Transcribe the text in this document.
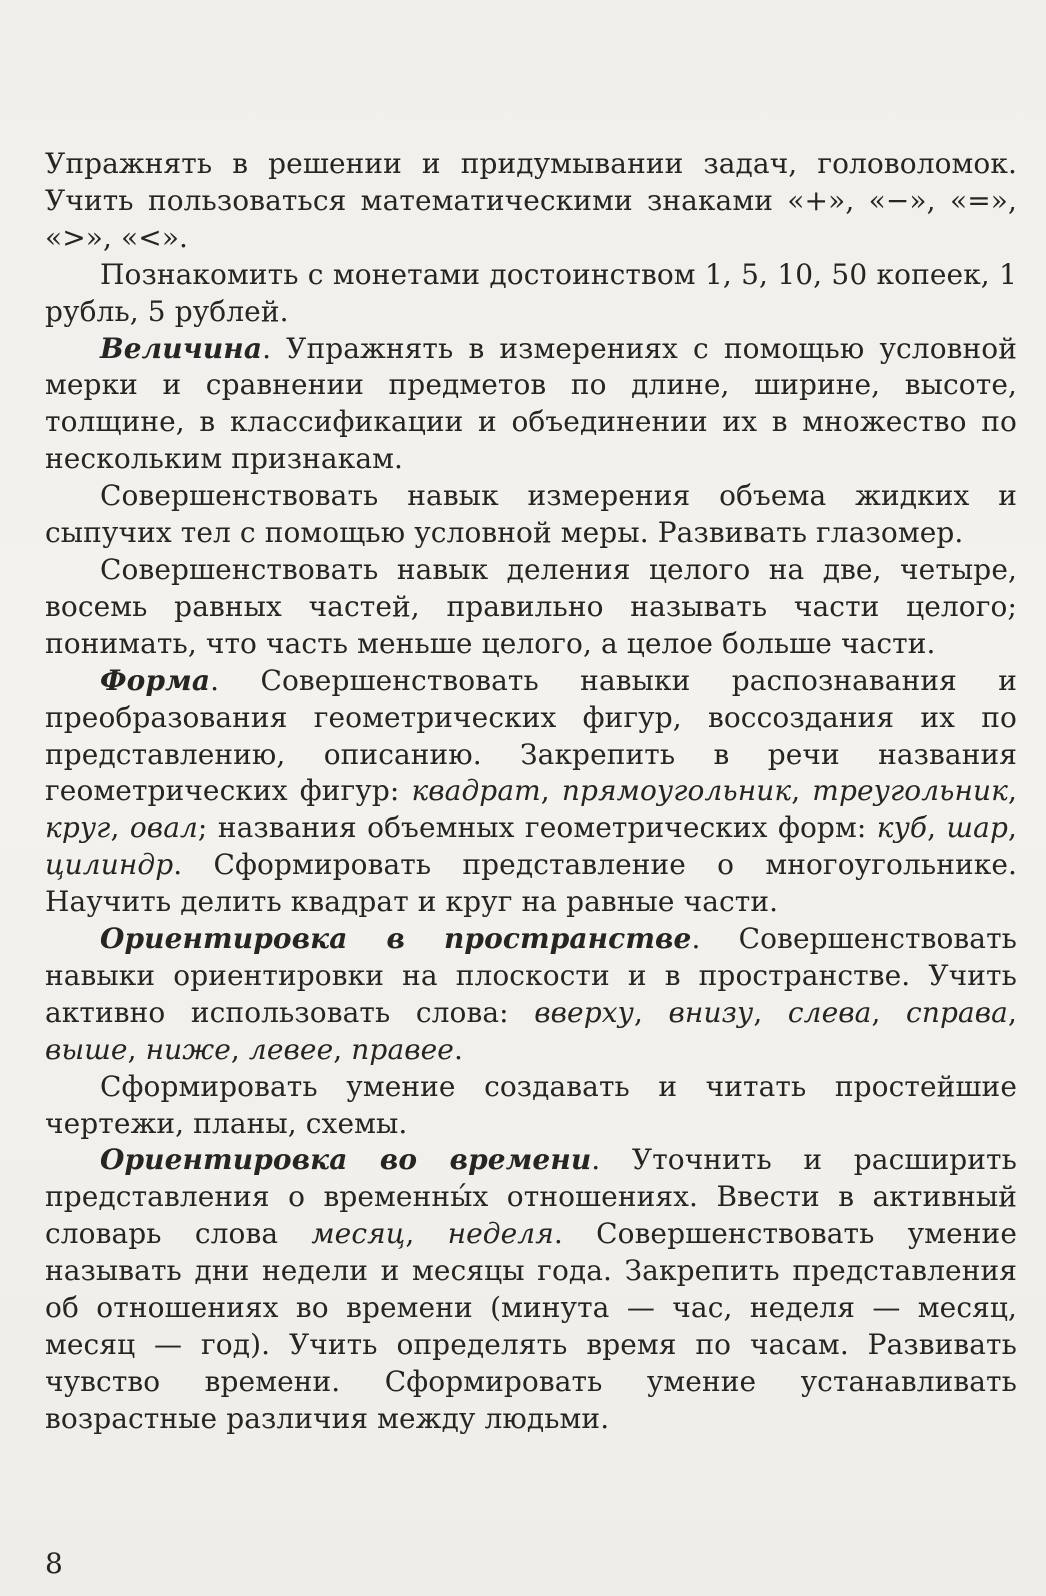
Упражнять в решении и придумывании задач, головоломок. Учить пользоваться математическими знаками «+», «−», «=», «>», «<».

Познакомить с монетами достоинством 1, 5, 10, 50 копеек, 1 рубль, 5 рублей.

Величина. Упражнять в измерениях с помощью условной мерки и сравнении предметов по длине, ширине, высоте, толщине, в классификации и объединении их в множество по нескольким признакам.

Совершенствовать навык измерения объема жидких и сыпучих тел с помощью условной меры. Развивать глазомер.

Совершенствовать навык деления целого на две, четыре, восемь равных частей, правильно называть части целого; понимать, что часть меньше целого, а целое больше части.

Форма. Совершенствовать навыки распознавания и преобразования геометрических фигур, воссоздания их по представлению, описанию. Закрепить в речи названия геометрических фигур: квадрат, прямоугольник, треугольник, круг, овал; названия объемных геометрических форм: куб, шар, цилиндр. Сформировать представление о многоугольнике. Научить делить квадрат и круг на равные части.

Ориентировка в пространстве. Совершенствовать навыки ориентировки на плоскости и в пространстве. Учить активно использовать слова: вверху, внизу, слева, справа, выше, ниже, левее, правее.

Сформировать умение создавать и читать простейшие чертежи, планы, схемы.

Ориентировка во времени. Уточнить и расширить представления о временны́х отношениях. Ввести в активный словарь слова месяц, неделя. Совершенствовать умение называть дни недели и месяцы года. Закрепить представления об отношениях во времени (минута — час, неделя — месяц, месяц — год). Учить определять время по часам. Развивать чувство времени. Сформировать умение устанавливать возрастные различия между людьми.

8
